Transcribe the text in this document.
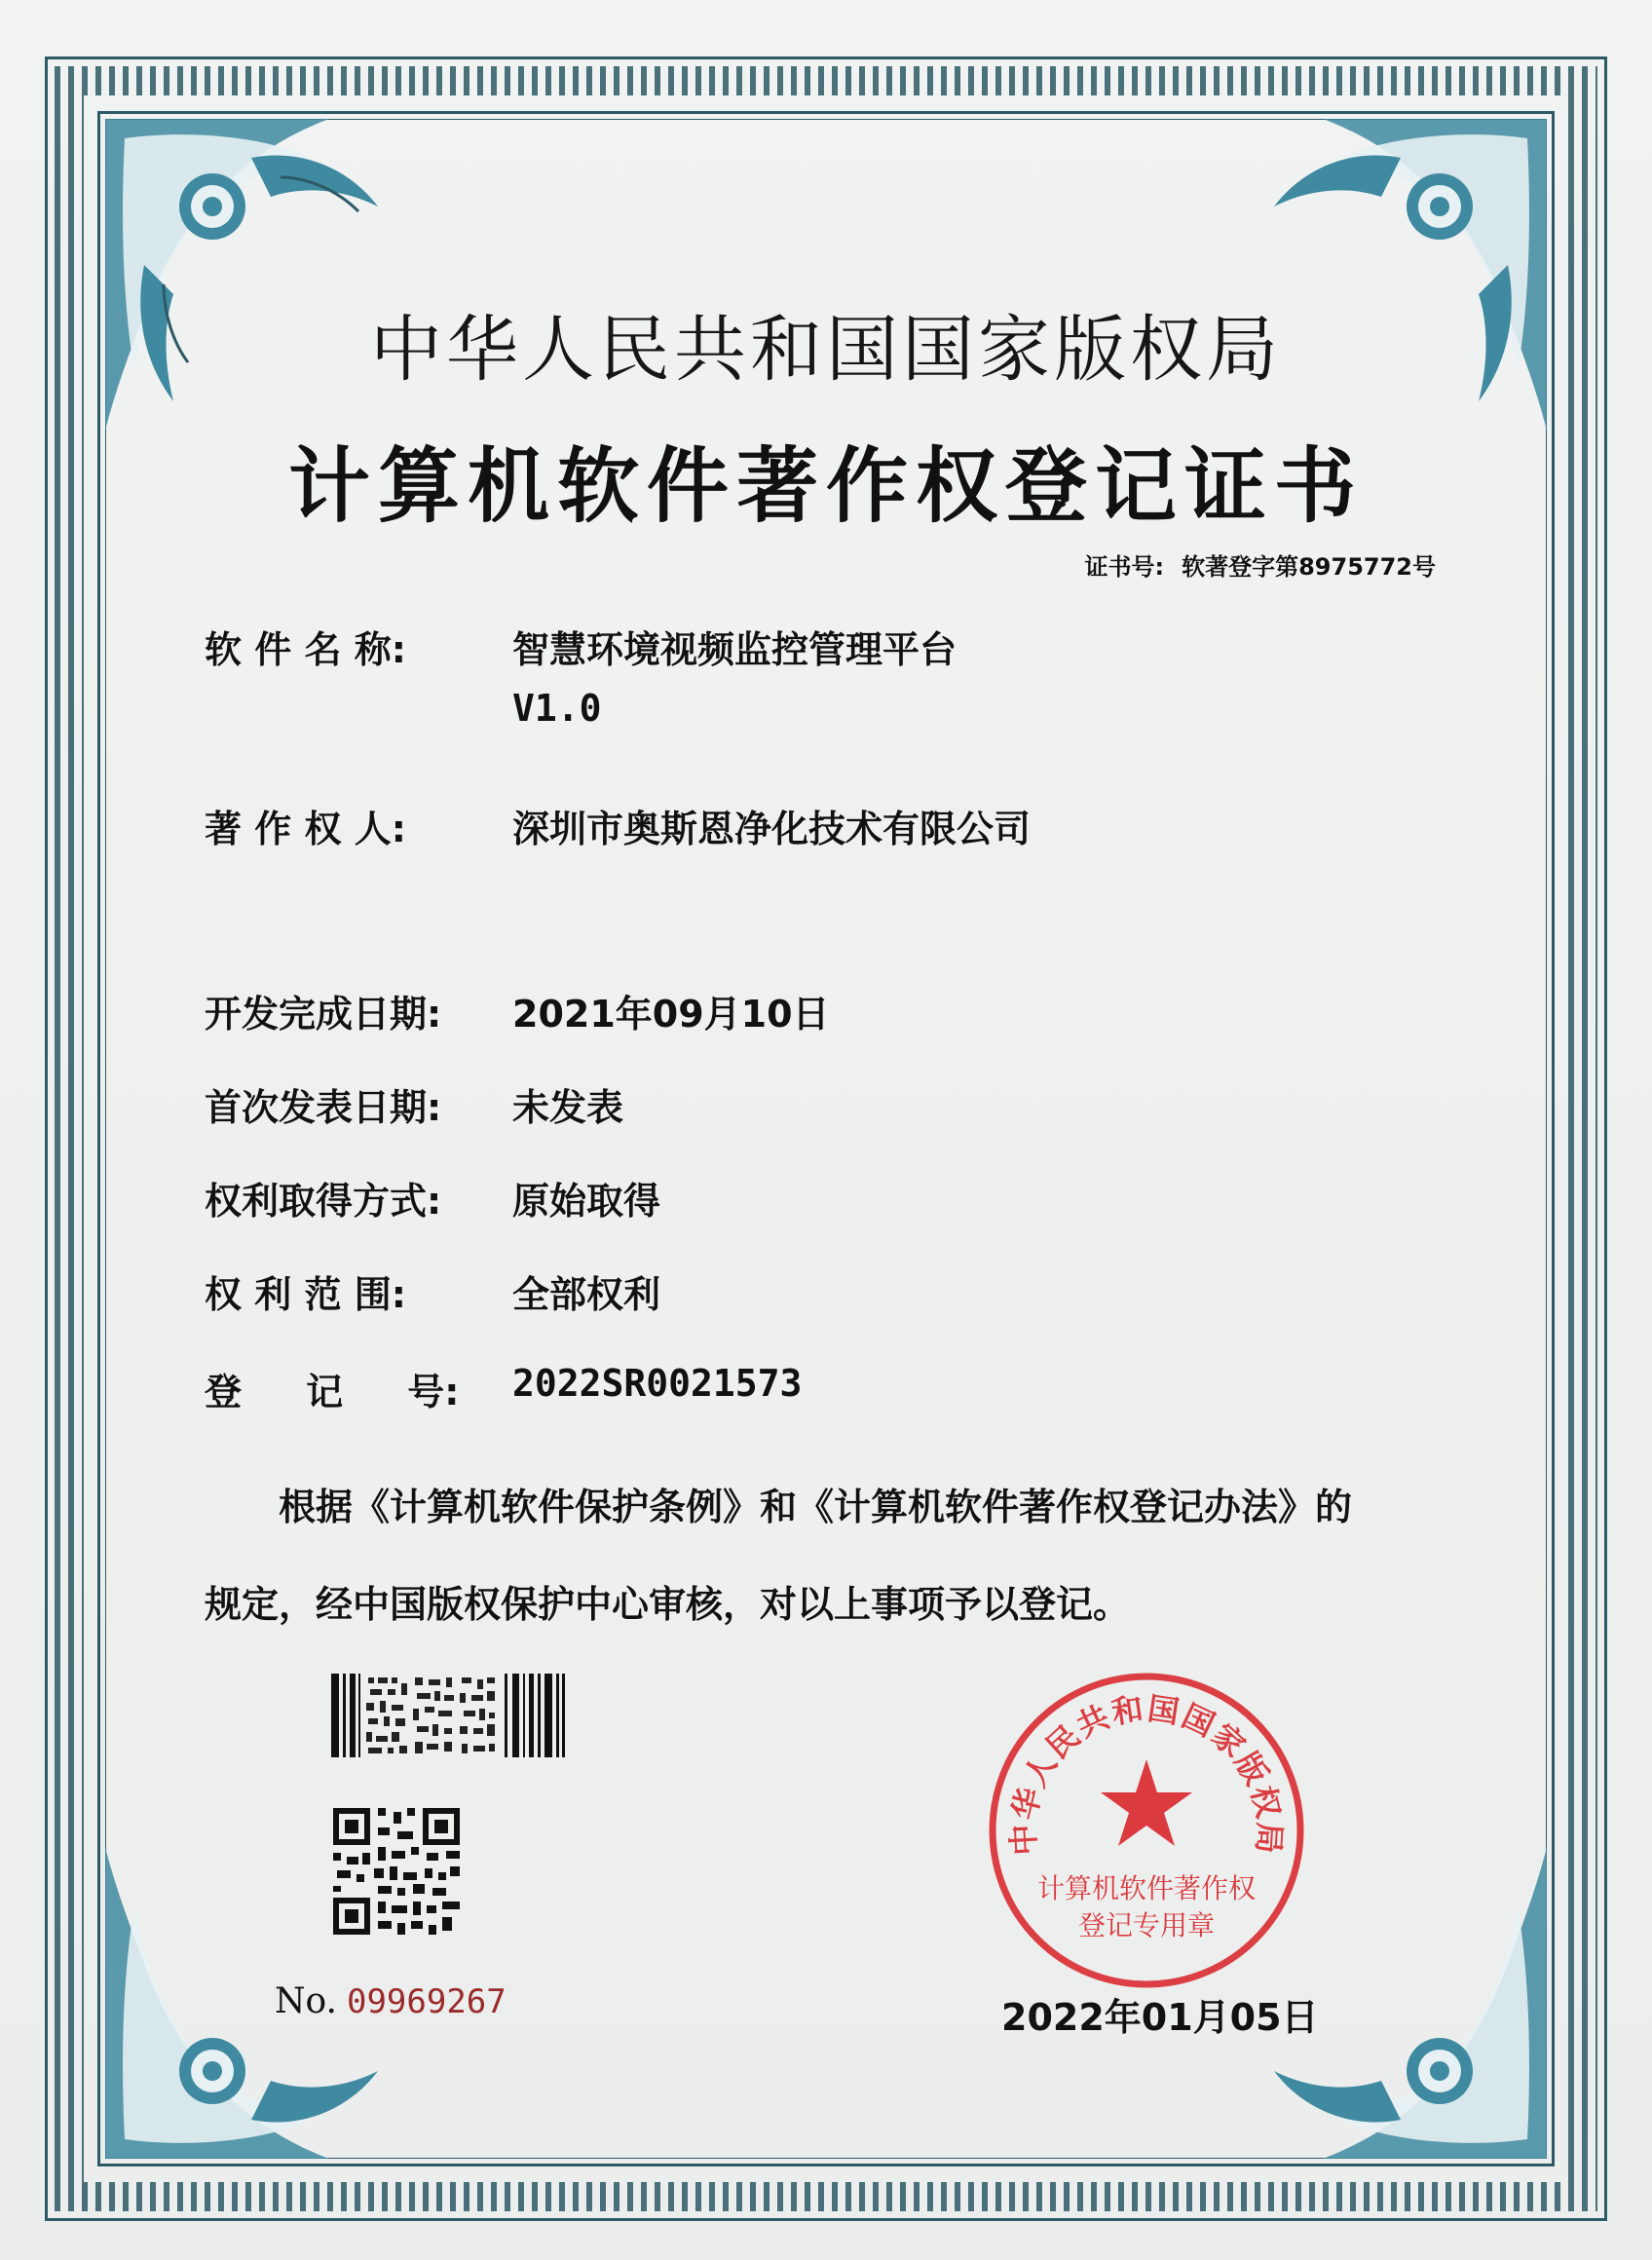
中华人民共和国国家版权局
计算机软件著作权登记证书
证书号: 软著登字第8975772号
软 件 名 称:	智慧环境视频监控管理平台
V1.0
著 作 权 人:	深圳市奥斯恩净化技术有限公司
开发完成日期: 2021年09月10日
首次发表日期: 未发表
权利取得方式: 原始取得
权 利 范 围:	全部权利
登     记     号: 2022SR0021573
根据《计算机软件保护条例》和《计算机软件著作权登记办法》的
规定，经中国版权保护中心审核，对以上事项予以登记。
No. 09969267
中华人民共和国国家版权局
计算机软件著作权
登记专用章
2022年01月05日
